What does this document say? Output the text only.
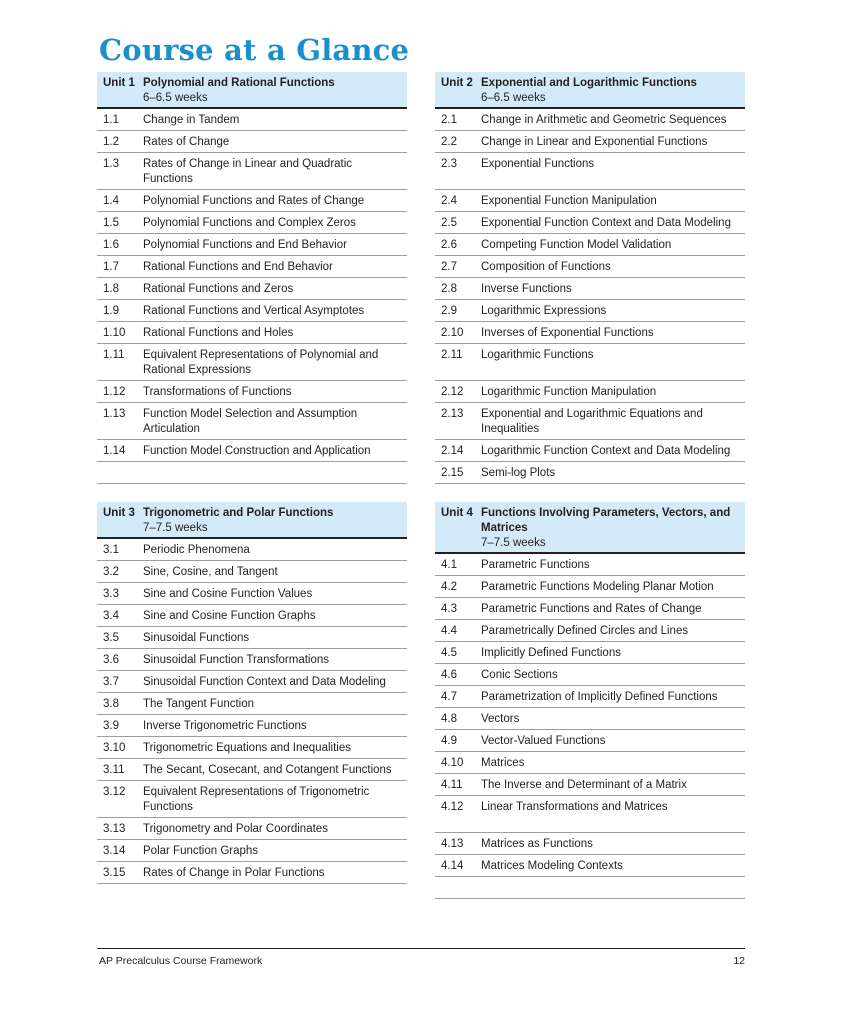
Course at a Glance
Unit 1 Polynomial and Rational Functions
6–6.5 weeks
1.1	Change in Tandem
1.2	Rates of Change
1.3	Rates of Change in Linear and Quadratic Functions
1.4	Polynomial Functions and Rates of Change
1.5	Polynomial Functions and Complex Zeros
1.6	Polynomial Functions and End Behavior
1.7	Rational Functions and End Behavior
1.8	Rational Functions and Zeros
1.9	Rational Functions and Vertical Asymptotes
1.10	Rational Functions and Holes
1.11	Equivalent Representations of Polynomial and Rational Expressions
1.12	Transformations of Functions
1.13	Function Model Selection and Assumption Articulation
1.14	Function Model Construction and Application
Unit 2 Exponential and Logarithmic Functions
6–6.5 weeks
2.1	Change in Arithmetic and Geometric Sequences
2.2	Change in Linear and Exponential Functions
2.3	Exponential Functions
2.4	Exponential Function Manipulation
2.5	Exponential Function Context and Data Modeling
2.6	Competing Function Model Validation
2.7	Composition of Functions
2.8	Inverse Functions
2.9	Logarithmic Expressions
2.10	Inverses of Exponential Functions
2.11	Logarithmic Functions
2.12	Logarithmic Function Manipulation
2.13	Exponential and Logarithmic Equations and Inequalities
2.14	Logarithmic Function Context and Data Modeling
2.15	Semi-log Plots
Unit 3 Trigonometric and Polar Functions
7–7.5 weeks
3.1	Periodic Phenomena
3.2	Sine, Cosine, and Tangent
3.3	Sine and Cosine Function Values
3.4	Sine and Cosine Function Graphs
3.5	Sinusoidal Functions
3.6	Sinusoidal Function Transformations
3.7	Sinusoidal Function Context and Data Modeling
3.8	The Tangent Function
3.9	Inverse Trigonometric Functions
3.10	Trigonometric Equations and Inequalities
3.11	The Secant, Cosecant, and Cotangent Functions
3.12	Equivalent Representations of Trigonometric Functions
3.13	Trigonometry and Polar Coordinates
3.14	Polar Function Graphs
3.15	Rates of Change in Polar Functions
Unit 4 Functions Involving Parameters, Vectors, and Matrices
7–7.5 weeks
4.1	Parametric Functions
4.2	Parametric Functions Modeling Planar Motion
4.3	Parametric Functions and Rates of Change
4.4	Parametrically Defined Circles and Lines
4.5	Implicitly Defined Functions
4.6	Conic Sections
4.7	Parametrization of Implicitly Defined Functions
4.8	Vectors
4.9	Vector-Valued Functions
4.10	Matrices
4.11	The Inverse and Determinant of a Matrix
4.12	Linear Transformations and Matrices
4.13	Matrices as Functions
4.14	Matrices Modeling Contexts
AP Precalculus Course Framework	12
